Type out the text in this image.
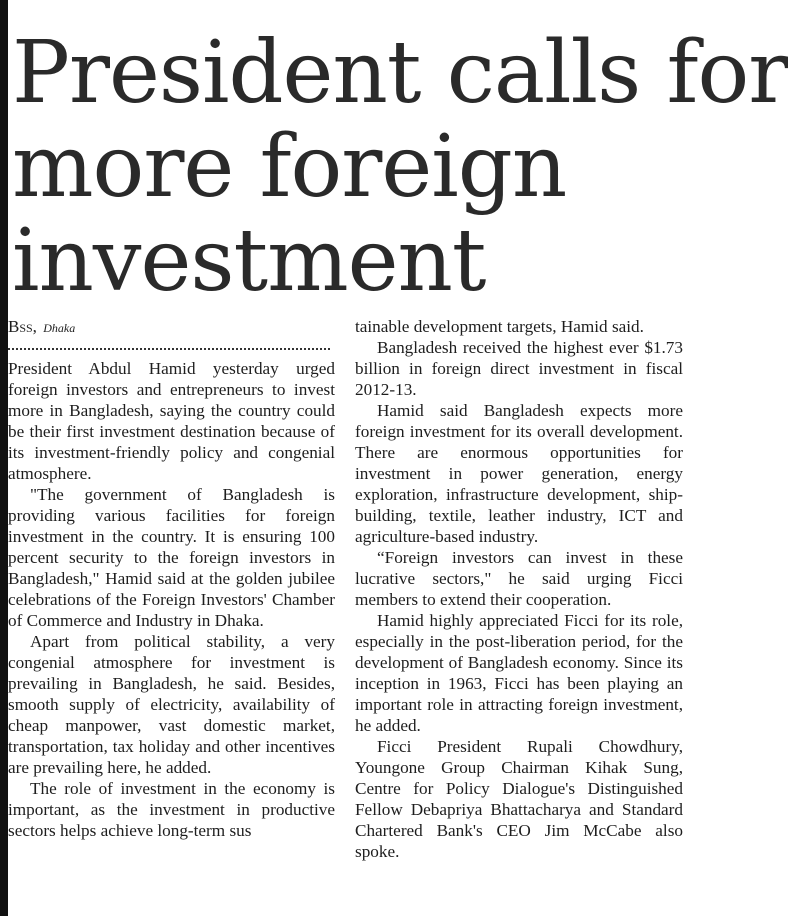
President calls for
more foreign
investment
Bss, Dhaka

President Abdul Hamid yesterday urged foreign investors and entrepreneurs to invest more in Bangladesh, saying the country could be their first investment destination because of its investment-friendly policy and congenial atmosphere.

"The government of Bangladesh is providing various facilities for foreign investment in the country. It is ensuring 100 percent security to the foreign investors in Bangladesh," Hamid said at the golden jubilee celebrations of the Foreign Investors' Chamber of Commerce and Industry in Dhaka.

Apart from political stability, a very congenial atmosphere for investment is prevailing in Bangladesh, he said. Besides, smooth supply of electricity, availability of cheap manpower, vast domestic market, transportation, tax holiday and other incentives are prevailing here, he added.

The role of investment in the economy is important, as the investment in productive sectors helps achieve long-term sus

tainable development targets, Hamid said.

Bangladesh received the highest ever $1.73 billion in foreign direct investment in fiscal 2012-13.

Hamid said Bangladesh expects more foreign investment for its overall development. There are enormous opportunities for investment in power generation, energy exploration, infrastructure development, ship-building, textile, leather industry, ICT and agriculture-based industry.

“Foreign investors can invest in these lucrative sectors," he said urging Ficci members to extend their cooperation.

Hamid highly appreciated Ficci for its role, especially in the post-liberation period, for the development of Bangladesh economy. Since its inception in 1963, Ficci has been playing an important role in attracting foreign investment, he added.

Ficci President Rupali Chowdhury, Youngone Group Chairman Kihak Sung, Centre for Policy Dialogue's Distinguished Fellow Debapriya Bhattacharya and Standard Chartered Bank's CEO Jim McCabe also spoke.
